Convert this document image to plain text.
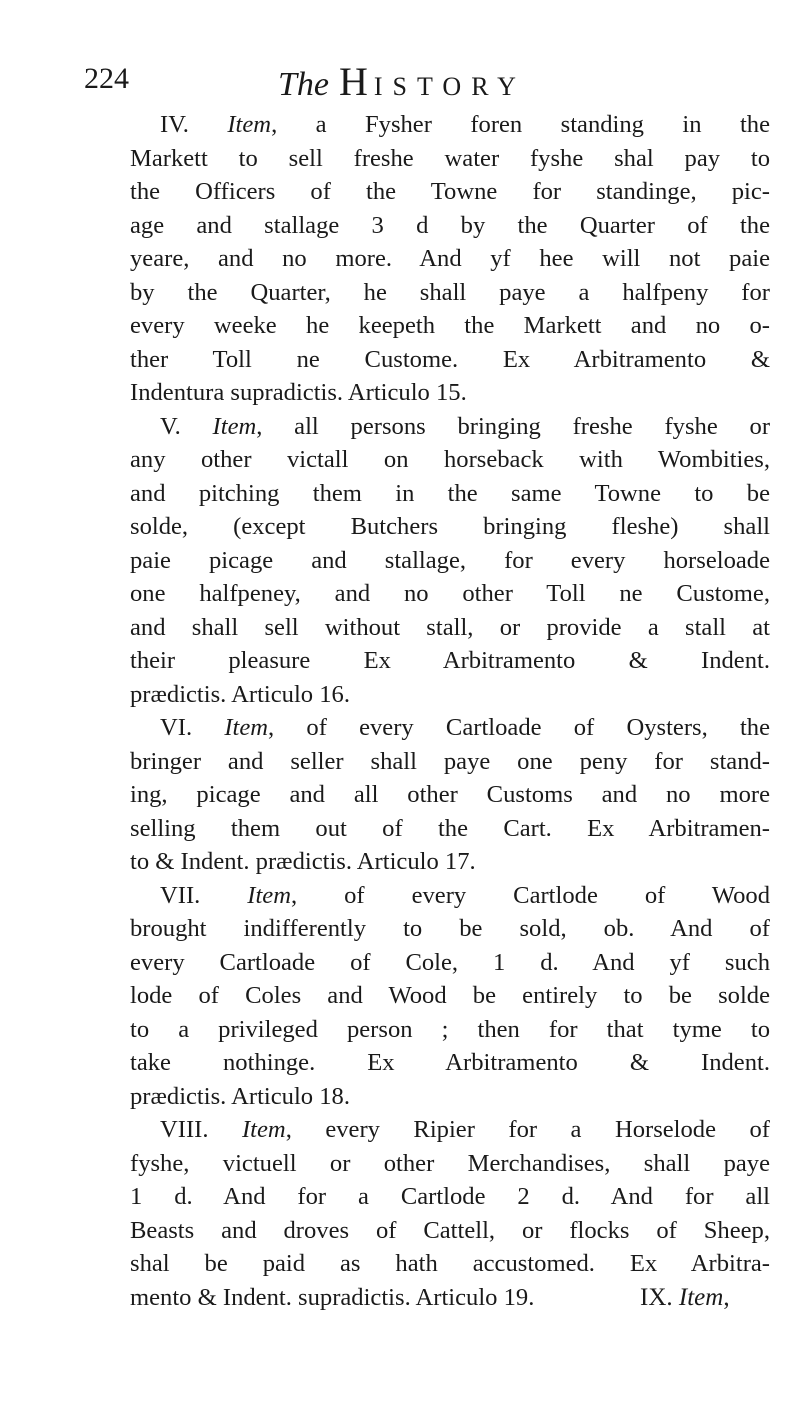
224	The HISTORY

IV. Item, a Fysher foren standing in the
Markett to sell freshe water fyshe shal pay to
the Officers of the Towne for standinge, pic-
age and stallage 3 d by the Quarter of the
yeare, and no more. And yf hee will not paie
by the Quarter, he shall paye a halfpeny for
every weeke he keepeth the Markett and no o-
ther Toll ne Custome. Ex Arbitramento &
Indentura supradictis. Articulo 15.

V. Item, all persons bringing freshe fyshe or
any other victall on horseback with Wombities,
and pitching them in the same Towne to be
solde, (except Butchers bringing fleshe) shall
paie picage and stallage, for every horseloade
one halfpeney, and no other Toll ne Custome,
and shall sell without stall, or provide a stall at
their pleasure Ex Arbitramento & Indent.
prædictis. Articulo 16.

VI. Item, of every Cartloade of Oysters, the
bringer and seller shall paye one peny for stand-
ing, picage and all other Customs and no more
selling them out of the Cart. Ex Arbitramen-
to & Indent. prædictis. Articulo 17.

VII. Item, of every Cartlode of Wood
brought indifferently to be sold, ob. And of
every Cartloade of Cole, 1 d. And yf such
lode of Coles and Wood be entirely to be solde
to a privileged person ; then for that tyme to
take nothinge. Ex Arbitramento & Indent.
prædictis. Articulo 18.

VIII. Item, every Ripier for a Horselode of
fyshe, victuell or other Merchandises, shall paye
1 d. And for a Cartlode 2 d. And for all
Beasts and droves of Cattell, or flocks of Sheep,
shal be paid as hath accustomed. Ex Arbitra-
mento & Indent. supradictis. Articulo 19.	IX. Item,
